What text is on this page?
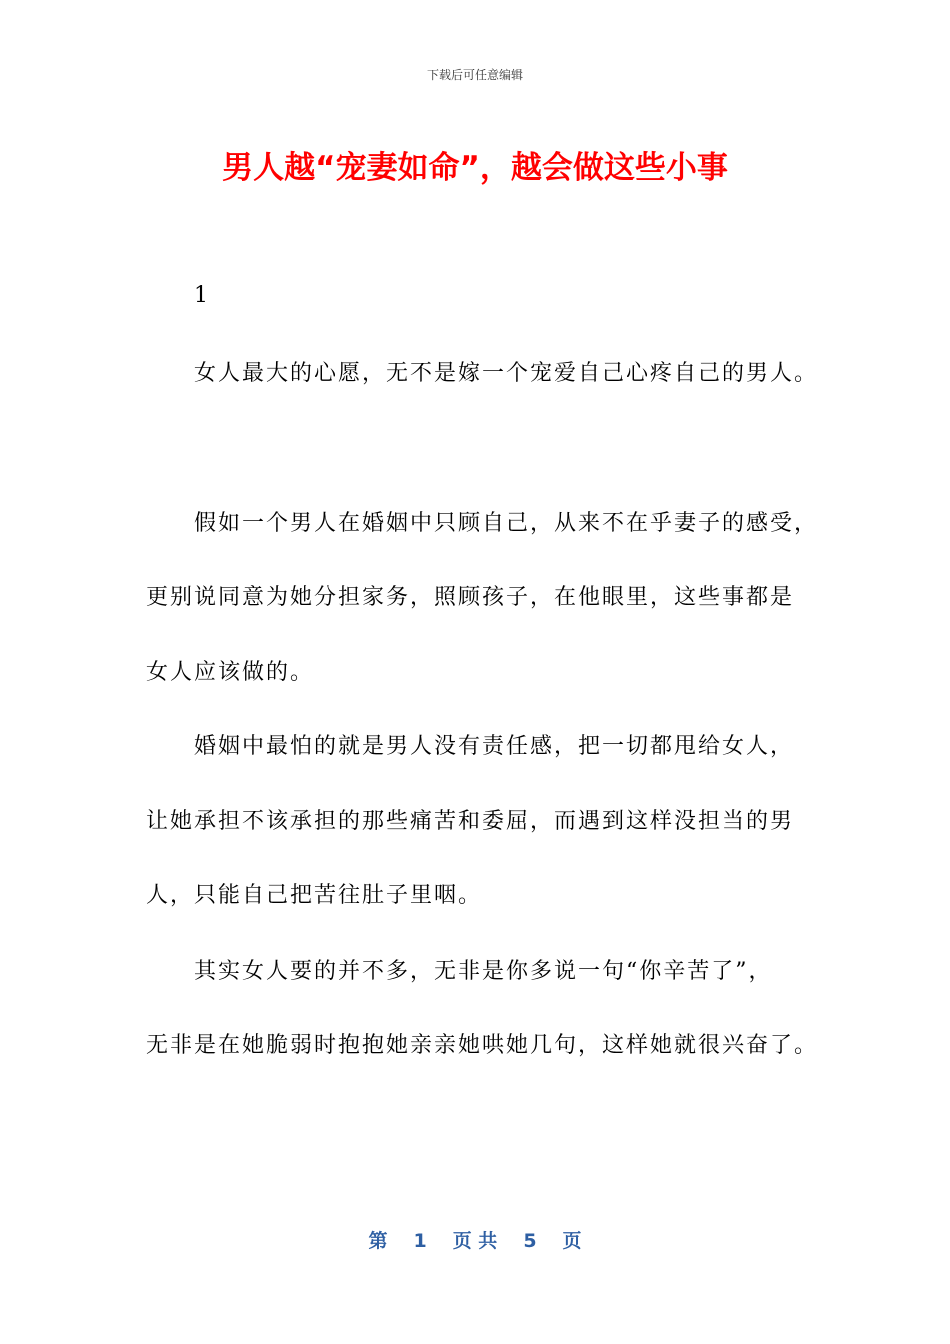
下载后可任意编辑
男人越“宠妻如命”，越会做这些小事
1
女人最大的心愿，无不是嫁一个宠爱自己心疼自己的男人。
假如一个男人在婚姻中只顾自己，从来不在乎妻子的感受，
更别说同意为她分担家务，照顾孩子，在他眼里，这些事都是
女人应该做的。
婚姻中最怕的就是男人没有责任感，把一切都甩给女人，
让她承担不该承担的那些痛苦和委屈，而遇到这样没担当的男
人，只能自己把苦往肚子里咽。
其实女人要的并不多，无非是你多说一句“你辛苦了”，
无非是在她脆弱时抱抱她亲亲她哄她几句，这样她就很兴奋了。
第 1 页 共 5 页
